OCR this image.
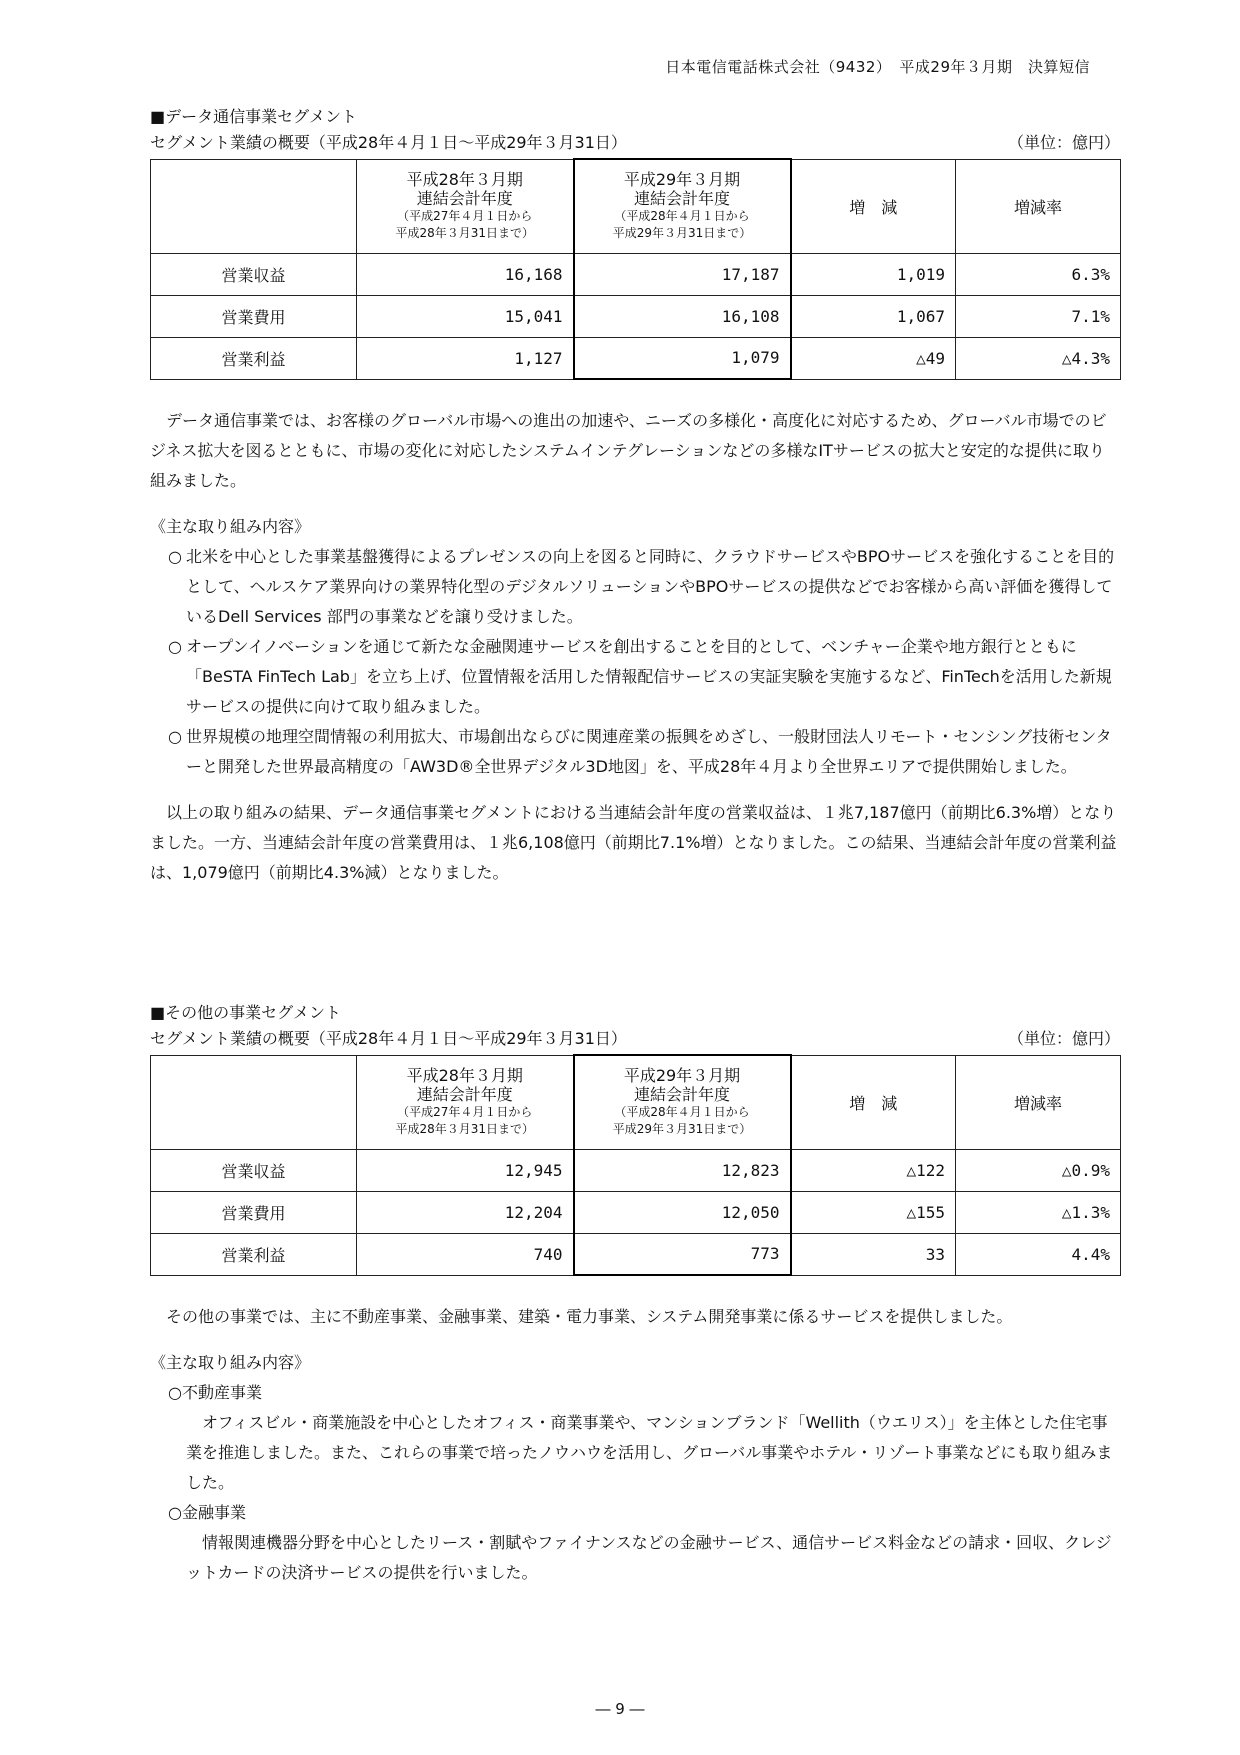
日本電信電話株式会社（9432）　平成29年３月期　決算短信
■データ通信事業セグメント
セグメント業績の概要（平成28年４月１日～平成29年３月31日）	（単位：億円）

	平成28年３月期
連結会計年度
（平成27年４月１日から
平成28年３月31日まで）	平成29年３月期
連結会計年度
（平成28年４月１日から
平成29年３月31日まで）	増　減	増減率
営業収益	16,168	17,187	1,019	6.3%
営業費用	15,041	16,108	1,067	7.1%
営業利益	1,127	1,079	△49	△4.3%

データ通信事業では、お客様のグローバル市場への進出の加速や、ニーズの多様化・高度化に対応するため、グローバル市場でのビジネス拡大を図るとともに、市場の変化に対応したシステムインテグレーションなどの多様なITサービスの拡大と安定的な提供に取り組みました。

《主な取り組み内容》

○ 北米を中心とした事業基盤獲得によるプレゼンスの向上を図ると同時に、クラウドサービスやBPOサービスを強化することを目的として、ヘルスケア業界向けの業界特化型のデジタルソリューションやBPOサービスの提供などでお客様から高い評価を獲得しているDell Services 部門の事業などを譲り受けました。
○ オープンイノベーションを通じて新たな金融関連サービスを創出することを目的として、ベンチャー企業や地方銀行とともに「BeSTA FinTech Lab」を立ち上げ、位置情報を活用した情報配信サービスの実証実験を実施するなど、FinTechを活用した新規サービスの提供に向けて取り組みました。
○ 世界規模の地理空間情報の利用拡大、市場創出ならびに関連産業の振興をめざし、一般財団法人リモート・センシング技術センターと開発した世界最高精度の「AW3D®全世界デジタル3D地図」を、平成28年４月より全世界エリアで提供開始しました。

以上の取り組みの結果、データ通信事業セグメントにおける当連結会計年度の営業収益は、１兆7,187億円（前期比6.3%増）となりました。一方、当連結会計年度の営業費用は、１兆6,108億円（前期比7.1%増）となりました。この結果、当連結会計年度の営業利益は、1,079億円（前期比4.3%減）となりました。

■その他の事業セグメント
セグメント業績の概要（平成28年４月１日～平成29年３月31日）	（単位：億円）

	平成28年３月期
連結会計年度
（平成27年４月１日から
平成28年３月31日まで）	平成29年３月期
連結会計年度
（平成28年４月１日から
平成29年３月31日まで）	増　減	増減率
営業収益	12,945	12,823	△122	△0.9%
営業費用	12,204	12,050	△155	△1.3%
営業利益	740	773	33	4.4%

その他の事業では、主に不動産事業、金融事業、建築・電力事業、システム開発事業に係るサービスを提供しました。

《主な取り組み内容》

○不動産事業

オフィスビル・商業施設を中心としたオフィス・商業事業や、マンションブランド「Wellith（ウエリス）」を主体とした住宅事業を推進しました。また、これらの事業で培ったノウハウを活用し、グローバル事業やホテル・リゾート事業などにも取り組みました。

○金融事業

情報関連機器分野を中心としたリース・割賦やファイナンスなどの金融サービス、通信サービス料金などの請求・回収、クレジットカードの決済サービスの提供を行いました。

― 9 ―
